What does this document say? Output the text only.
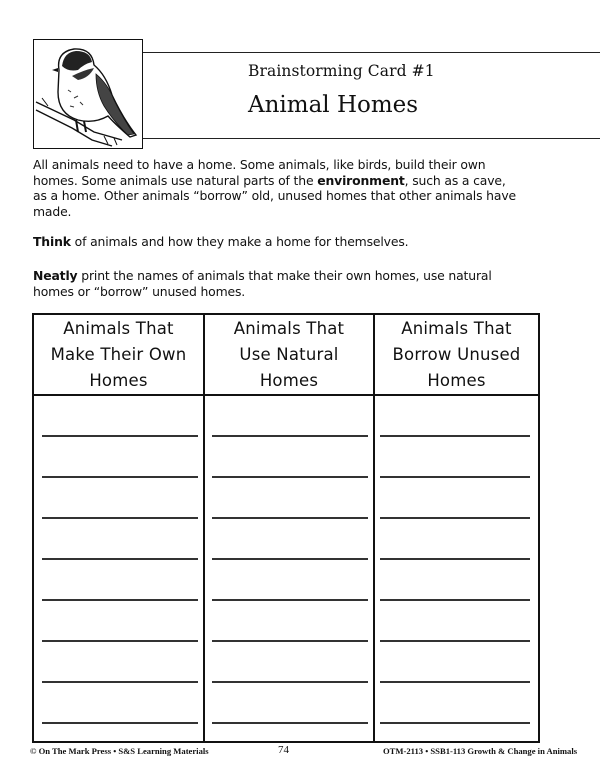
Brainstorming Card #1
Animal Homes
All animals need to have a home. Some animals, like birds, build their own
homes. Some animals use natural parts of the environment, such as a cave,
as a home. Other animals “borrow” old, unused homes that other animals have
made.
Think of animals and how they make a home for themselves.
Neatly print the names of animals that make their own homes, use natural
homes or “borrow” unused homes.
Animals That
Make Their Own
Homes
Animals That
Use Natural
Homes
Animals That
Borrow Unused
Homes
© On The Mark Press • S&S Learning Materials	74	OTM-2113 • SSB1-113 Growth & Change in Animals
